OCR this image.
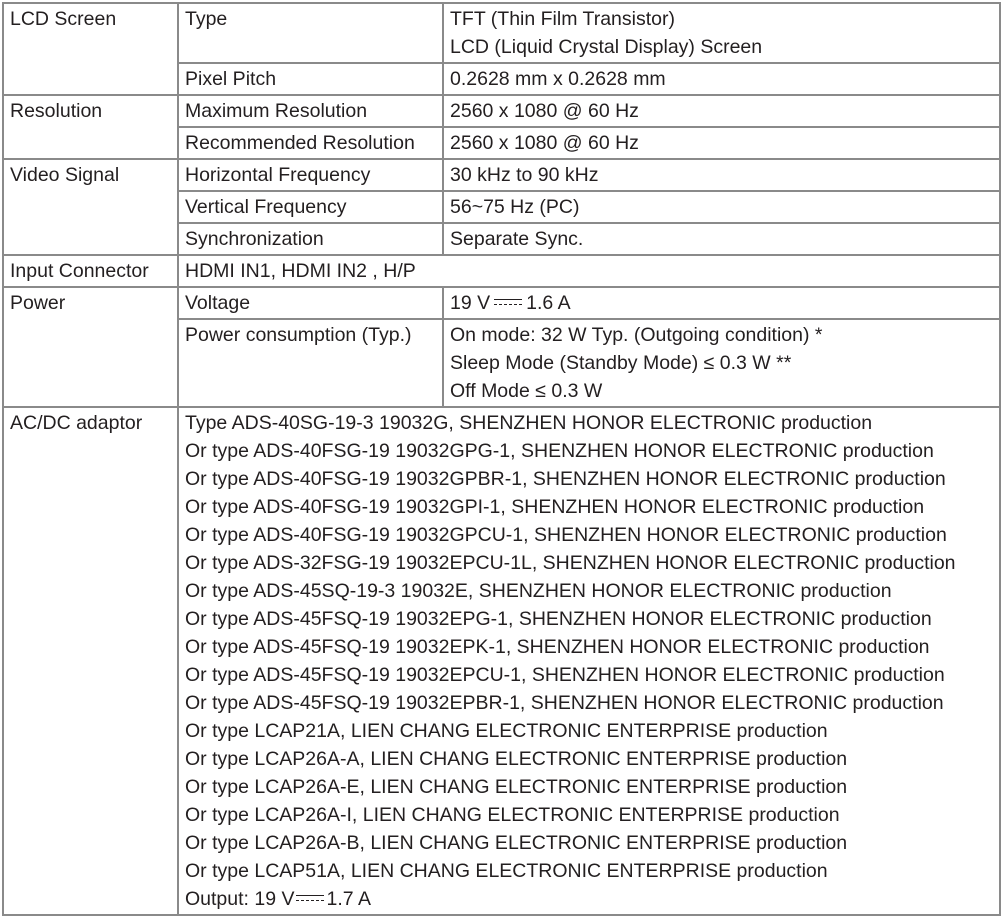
LCD Screen	Type	TFT (Thin Film Transistor)
LCD (Liquid Crystal Display) Screen

	Pixel Pitch	0.2628 mm x 0.2628 mm
Resolution	Maximum Resolution	2560 x 1080 @ 60 Hz
	Recommended Resolution	2560 x 1080 @ 60 Hz
Video Signal	Horizontal Frequency	30 kHz to 90 kHz
	Vertical Frequency	56~75 Hz (PC)
	Synchronization	Separate Sync.
Input Connector	HDMI IN1, HDMI IN2 , H/P	
Power	Voltage	19 V 1.6 A
	Power consumption (Typ.)	On mode: 32 W Typ. (Outgoing condition) *
Sleep Mode (Standby Mode) ≤ 0.3 W **
Off Mode ≤ 0.3 W

AC/DC adaptor	Type ADS-40SG-19-3 19032G, SHENZHEN HONOR ELECTRONIC production
Or type ADS-40FSG-19 19032GPG-1, SHENZHEN HONOR ELECTRONIC production
Or type ADS-40FSG-19 19032GPBR-1, SHENZHEN HONOR ELECTRONIC production
Or type ADS-40FSG-19 19032GPI-1, SHENZHEN HONOR ELECTRONIC production
Or type ADS-40FSG-19 19032GPCU-1, SHENZHEN HONOR ELECTRONIC production
Or type ADS-32FSG-19 19032EPCU-1L, SHENZHEN HONOR ELECTRONIC production
Or type ADS-45SQ-19-3 19032E, SHENZHEN HONOR ELECTRONIC production
Or type ADS-45FSQ-19 19032EPG-1, SHENZHEN HONOR ELECTRONIC production
Or type ADS-45FSQ-19 19032EPK-1, SHENZHEN HONOR ELECTRONIC production
Or type ADS-45FSQ-19 19032EPCU-1, SHENZHEN HONOR ELECTRONIC production
Or type ADS-45FSQ-19 19032EPBR-1, SHENZHEN HONOR ELECTRONIC production
Or type LCAP21A, LIEN CHANG ELECTRONIC ENTERPRISE production
Or type LCAP26A-A, LIEN CHANG ELECTRONIC ENTERPRISE production
Or type LCAP26A-E, LIEN CHANG ELECTRONIC ENTERPRISE production
Or type LCAP26A-I, LIEN CHANG ELECTRONIC ENTERPRISE production
Or type LCAP26A-B, LIEN CHANG ELECTRONIC ENTERPRISE production
Or type LCAP51A, LIEN CHANG ELECTRONIC ENTERPRISE production
Output: 19 V 1.7 A
